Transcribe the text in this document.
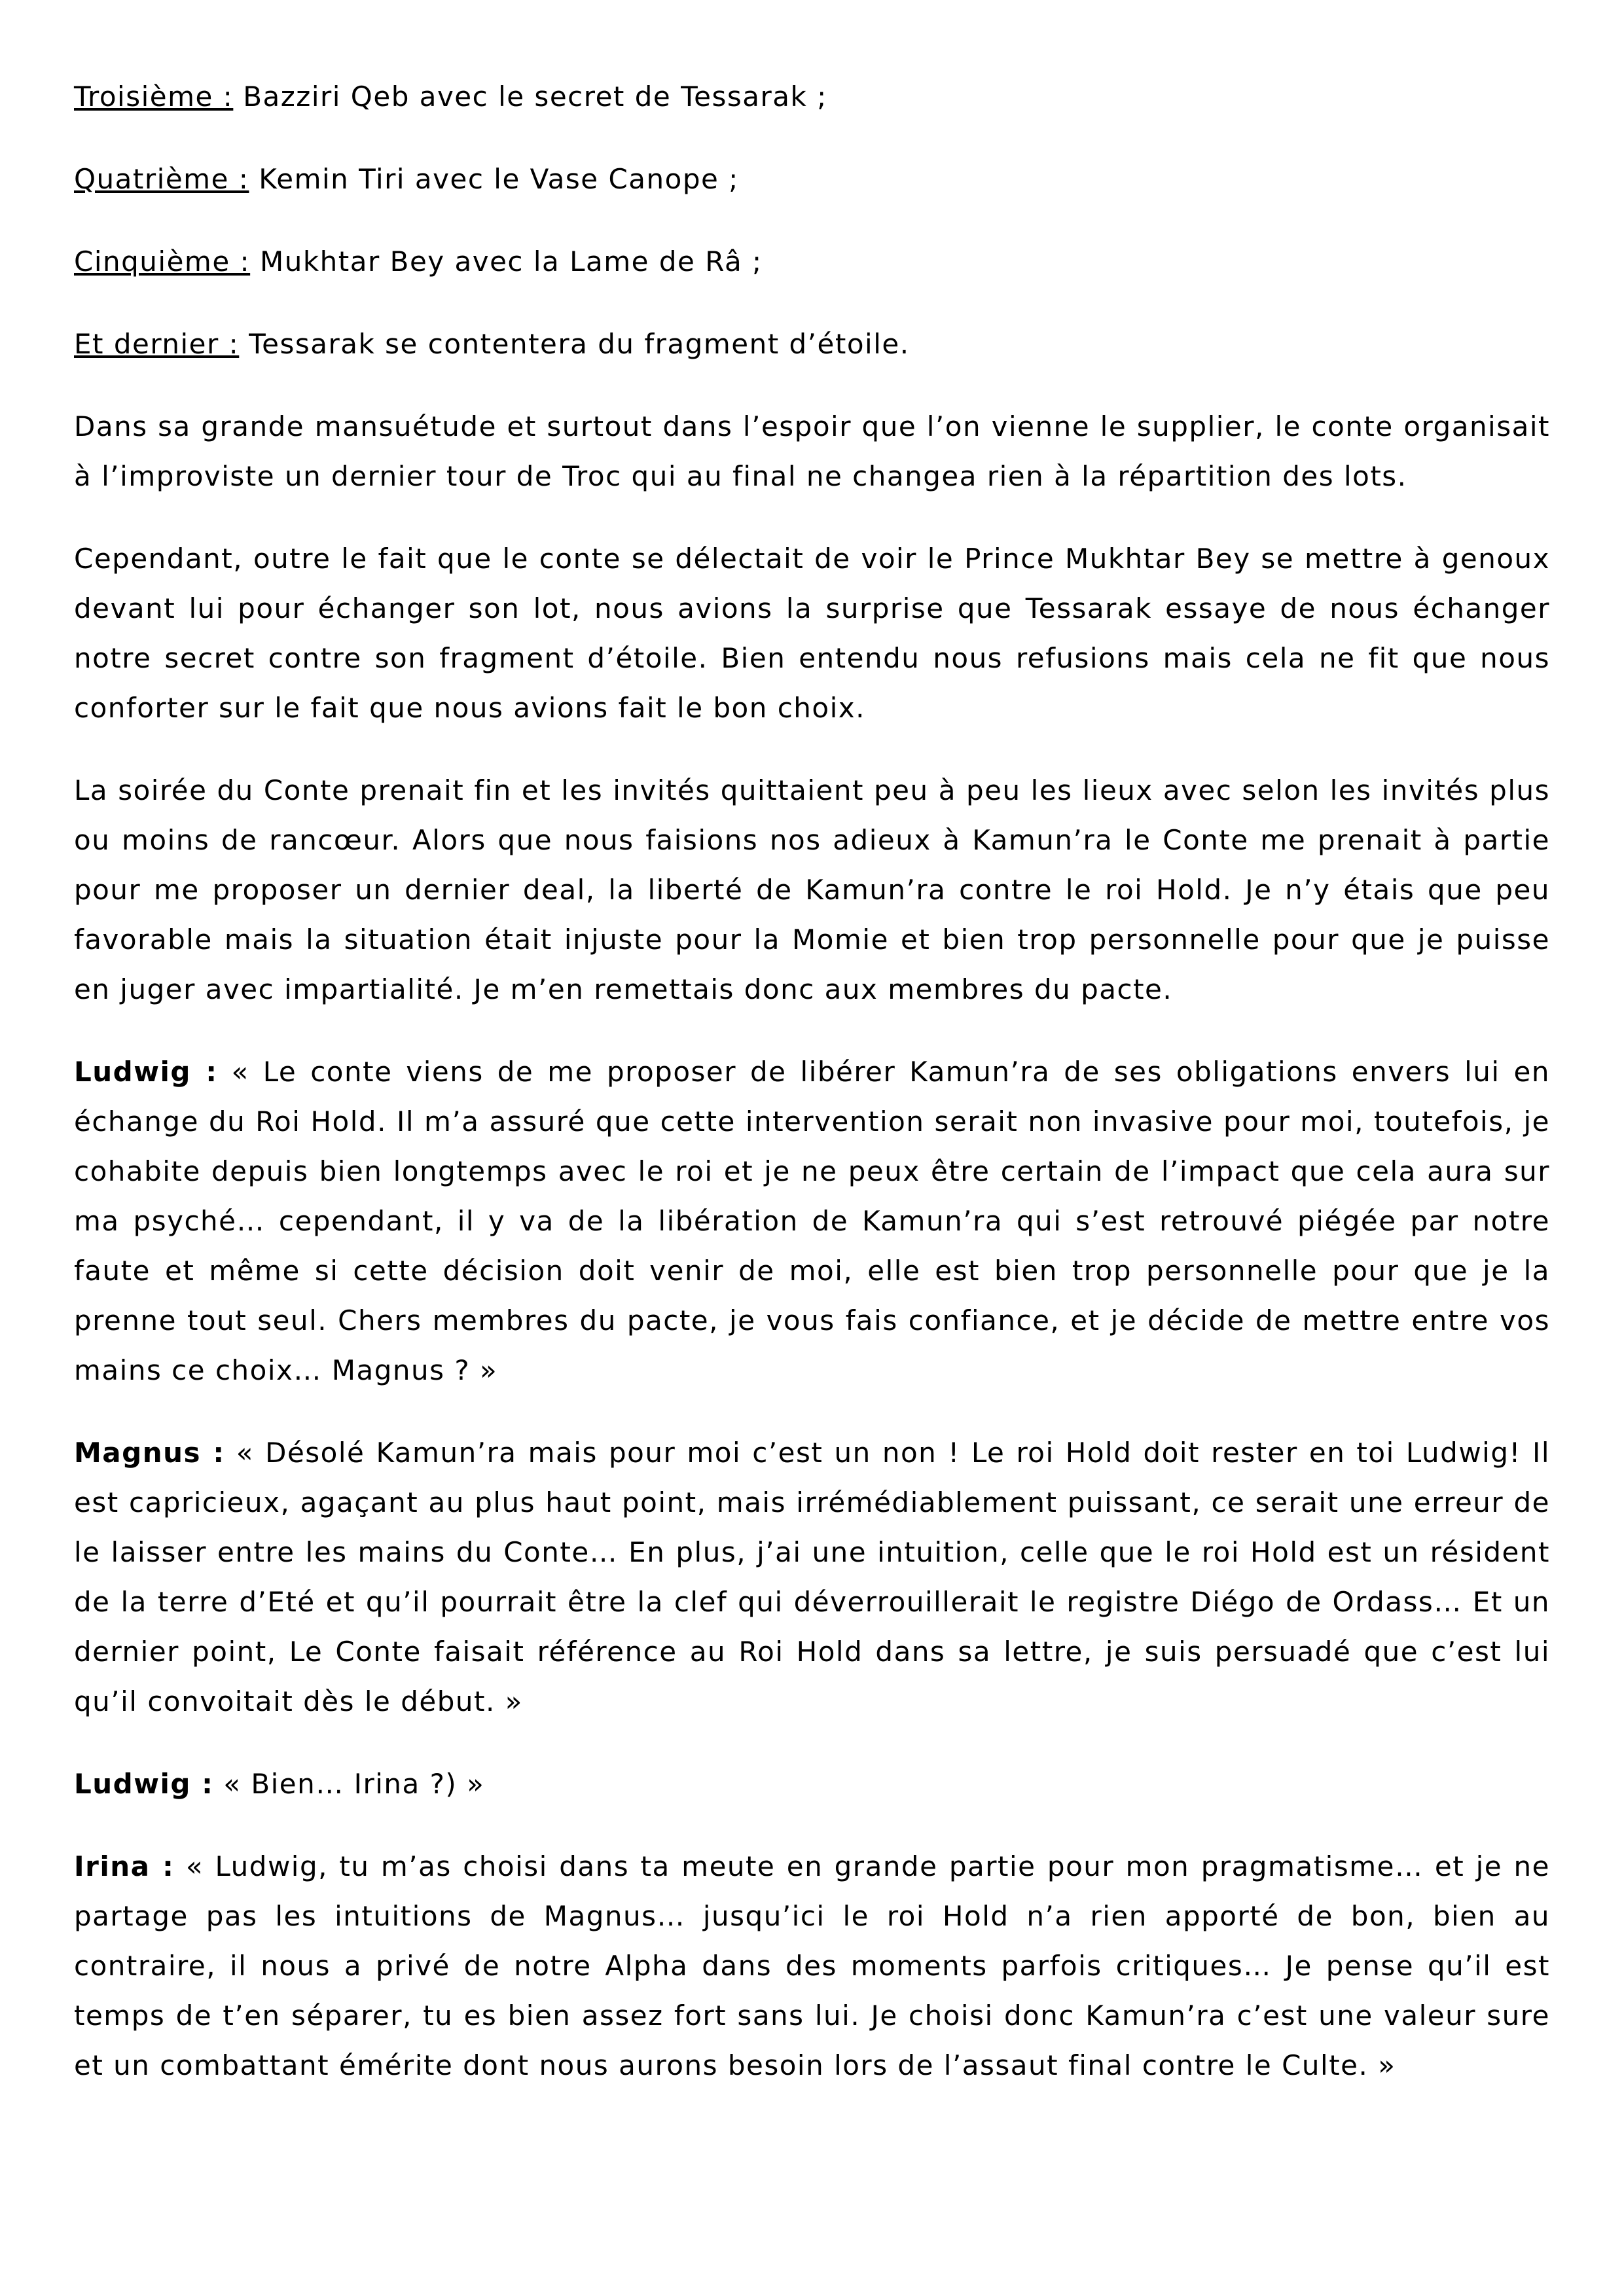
Troisième : Bazziri Qeb avec le secret de Tessarak ;

Quatrième : Kemin Tiri avec le Vase Canope ;

Cinquième : Mukhtar Bey avec la Lame de Râ ;

Et dernier : Tessarak se contentera du fragment d’étoile.

Dans sa grande mansuétude et surtout dans l’espoir que l’on vienne le supplier, le conte organisait à l’improviste un dernier tour de Troc qui au final ne changea rien à la répartition des lots.

Cependant, outre le fait que le conte se délectait de voir le Prince Mukhtar Bey se mettre à genoux devant lui pour échanger son lot, nous avions la surprise que Tessarak essaye de nous échanger notre secret contre son fragment d’étoile. Bien entendu nous refusions mais cela ne fit que nous conforter sur le fait que nous avions fait le bon choix.

La soirée du Conte prenait fin et les invités quittaient peu à peu les lieux avec selon les invités plus ou moins de rancœur. Alors que nous faisions nos adieux à Kamun’ra le Conte me prenait à partie pour me proposer un dernier deal, la liberté de Kamun’ra contre le roi Hold. Je n’y étais que peu favorable mais la situation était injuste pour la Momie et bien trop personnelle pour que je puisse en juger avec impartialité. Je m’en remettais donc aux membres du pacte.

Ludwig : « Le conte viens de me proposer de libérer Kamun’ra de ses obligations envers lui en échange du Roi Hold. Il m’a assuré que cette intervention serait non invasive pour moi, toutefois, je cohabite depuis bien longtemps avec le roi et je ne peux être certain de l’impact que cela aura sur ma psyché… cependant, il y va de la libération de Kamun’ra qui s’est retrouvé piégée par notre faute et même si cette décision doit venir de moi, elle est bien trop personnelle pour que je la prenne tout seul. Chers membres du pacte, je vous fais confiance, et je décide de mettre entre vos mains ce choix… Magnus ? »

Magnus : « Désolé Kamun’ra mais pour moi c’est un non ! Le roi Hold doit rester en toi Ludwig! Il est capricieux, agaçant au plus haut point, mais irrémédiablement puissant, ce serait une erreur de le laisser entre les mains du Conte… En plus, j’ai une intuition, celle que le roi Hold est un résident de la terre d’Eté et qu’il pourrait être la clef qui déverrouillerait le registre Diégo de Ordass… Et un dernier point, Le Conte faisait référence au Roi Hold dans sa lettre, je suis persuadé que c’est lui qu’il convoitait dès le début. »

Ludwig : « Bien… Irina ?) »

Irina : « Ludwig, tu m’as choisi dans ta meute en grande partie pour mon pragmatisme… et je ne partage pas les intuitions de Magnus… jusqu’ici le roi Hold n’a rien apporté de bon, bien au contraire, il nous a privé de notre Alpha dans des moments parfois critiques… Je pense qu’il est temps de t’en séparer, tu es bien assez fort sans lui. Je choisi donc Kamun’ra c’est une valeur sure et un combattant émérite dont nous aurons besoin lors de l’assaut final contre le Culte. »
